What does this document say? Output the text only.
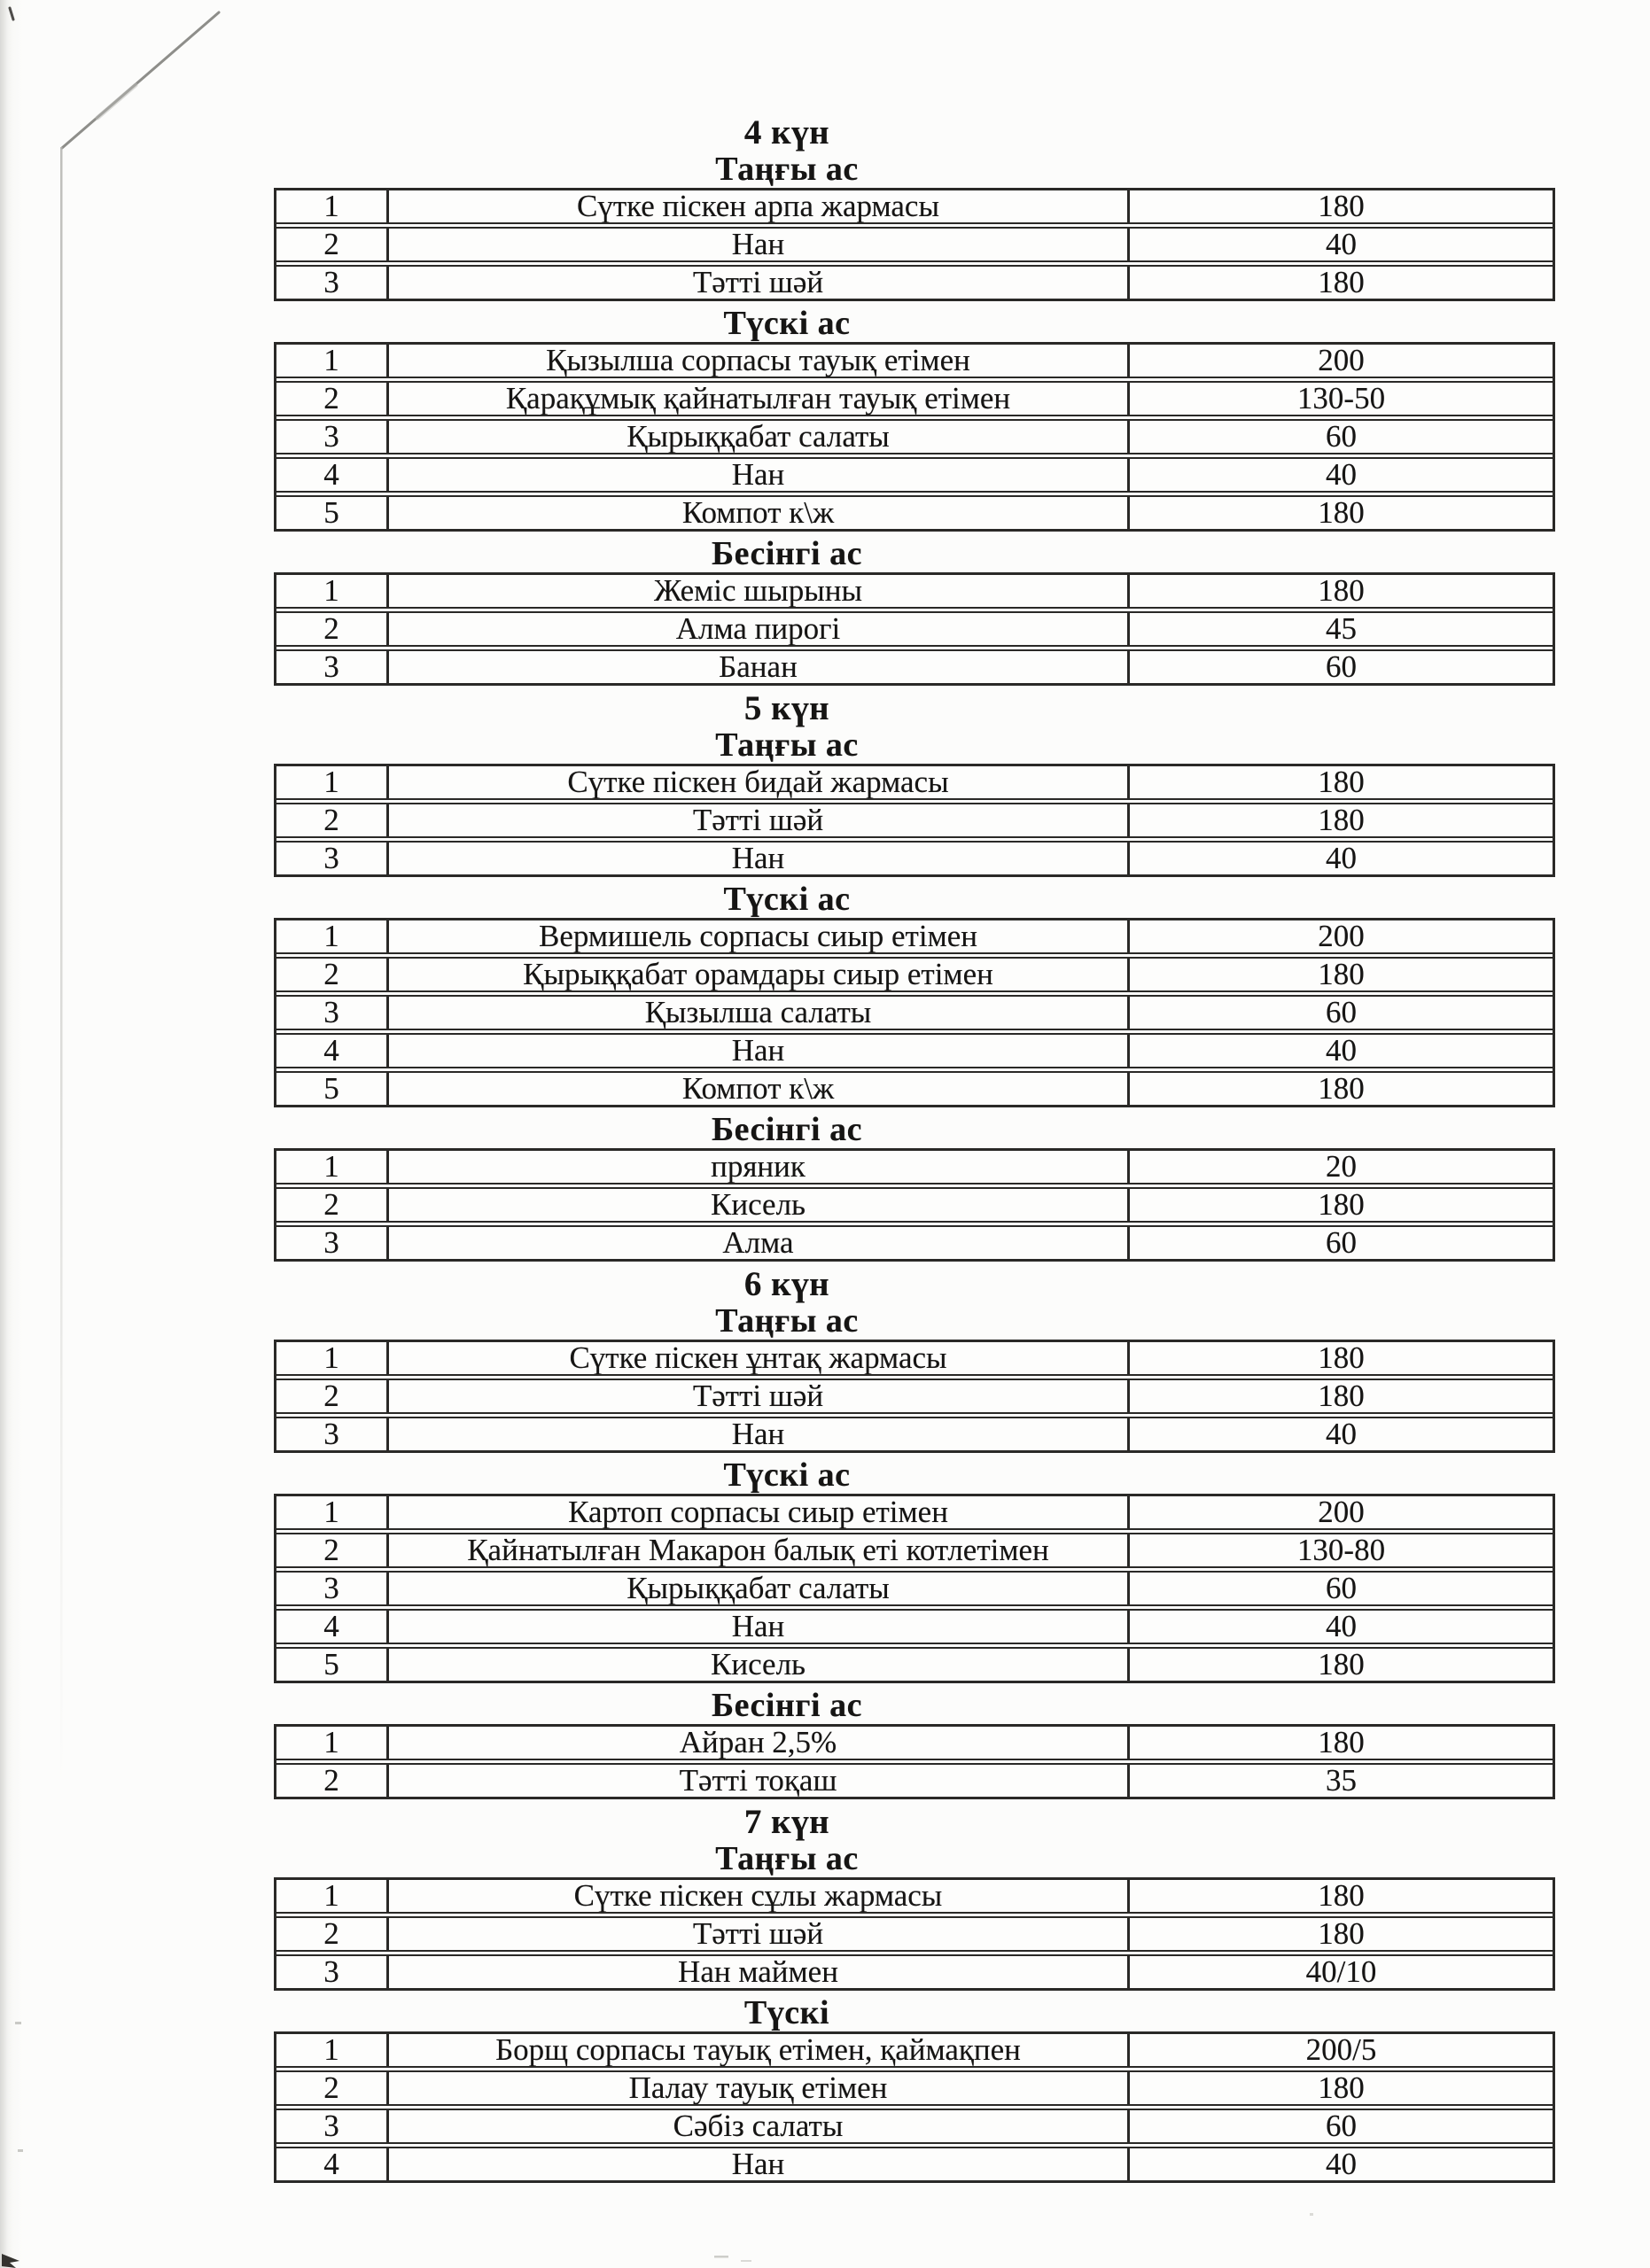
4 күн
Таңғы ас
1	Сүтке піскен арпа жармасы	180
2	Нан	40
3	Тәтті шәй	180
Түскі ас
1	Қызылша сорпасы тауық етімен	200
2	Қарақұмық қайнатылған тауық етімен	130-50
3	Қырыққабат салаты	60
4	Нан	40
5	Компот к\ж	180
Бесінгі ас
1	Жеміс шырыны	180
2	Алма пирогі	45
3	Банан	60
5 күн
Таңғы ас
1	Сүтке піскен бидай жармасы	180
2	Тәтті шәй	180
3	Нан	40
Түскі ас
1	Вермишель сорпасы сиыр етімен	200
2	Қырыққабат орамдары сиыр етімен	180
3	Қызылша салаты	60
4	Нан	40
5	Компот к\ж	180
Бесінгі ас
1	пряник	20
2	Кисель	180
3	Алма	60
6 күн
Таңғы ас
1	Сүтке піскен ұнтақ жармасы	180
2	Тәтті шәй	180
3	Нан	40
Түскі ас
1	Картоп сорпасы сиыр етімен	200
2	Қайнатылған Макарон балық еті котлетімен	130-80
3	Қырыққабат салаты	60
4	Нан	40
5	Кисель	180
Бесінгі ас
1	Айран 2,5%	180
2	Тәтті тоқаш	35
7 күн
Таңғы ас
1	Сүтке піскен сұлы жармасы	180
2	Тәтті шәй	180
3	Нан маймен	40/10
Түскі
1	Борщ сорпасы тауық етімен, қаймақпен	200/5
2	Палау тауық етімен	180
3	Сәбіз салаты	60
4	Нан	40
